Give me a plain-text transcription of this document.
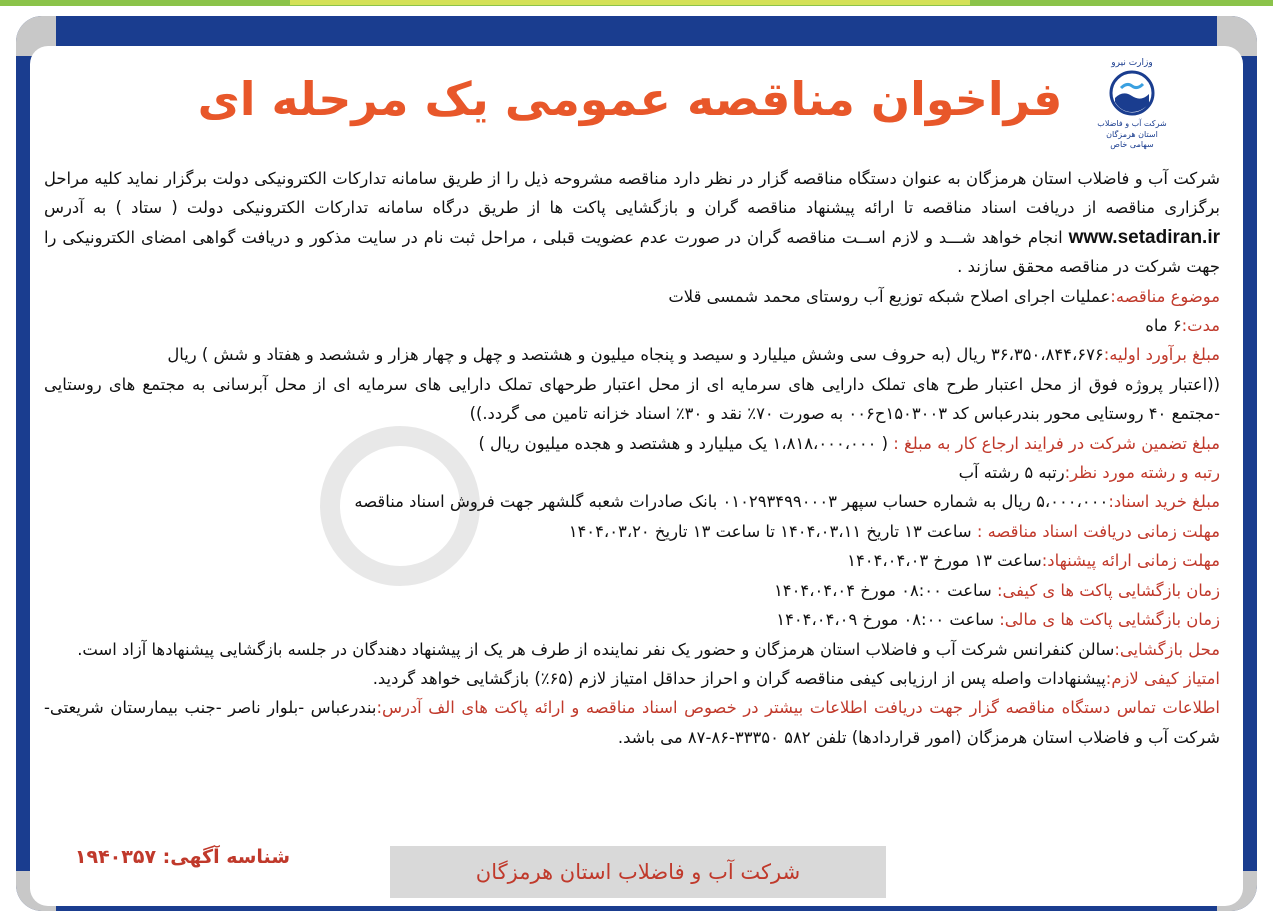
وزارت نیرو
شرکت آب و فاضلاب استان هرمزگان
سهامی خاص
فراخوان مناقصه عمومی یک مرحله ای

شرکت آب و فاضلاب استان هرمزگان به عنوان دستگاه مناقصه گزار در نظر دارد مناقصه مشروحه ذیل را از طریق سامانه تدارکات الکترونیکی دولت برگزار نماید کلیه مراحل برگزاری مناقصه از دریافت اسناد مناقصه تا ارائه پیشنهاد مناقصه گران و بازگشایی پاکت ها از طریق درگاه سامانه تدارکات الکترونیکی دولت ( ستاد ) به آدرس www.setadiran.ir انجام خواهد شـــد و لازم اســت مناقصه گران در صورت عدم عضویت قبلی ، مراحل ثبت نام در سایت مذکور و دریافت گواهی امضای الکترونیکی را جهت شرکت در مناقصه محقق سازند .

موضوع مناقصه:عملیات اجرای اصلاح شبکه توزیع آب روستای محمد شمسی قلات

مدت:۶ ماه

مبلغ برآورد اولیه:۳۶،۳۵۰،۸۴۴،۶۷۶ ریال (به حروف سی وشش میلیارد و سیصد و پنجاه میلیون و هشتصد و چهل و چهار هزار و ششصد و هفتاد و شش ) ریال

((اعتبار پروژه فوق از محل اعتبار طرح های تملک دارایی های سرمایه ای از محل اعتبار طرحهای تملک دارایی های سرمایه ای از محل آبرسانی به مجتمع های روستایی -مجتمع ۴۰ روستایی محور بندرعباس کد ۱۵۰۳۰۰۳ح۰۰۶ به صورت ۷۰٪ نقد و ۳۰٪ اسناد خزانه تامین می گردد.))

مبلغ تضمین شرکت در فرایند ارجاع کار به مبلغ : ( ۱،۸۱۸،۰۰۰،۰۰۰ یک میلیارد و هشتصد و هجده میلیون ریال )

رتبه و رشته مورد نظر:رتبه ۵ رشته آب

مبلغ خرید اسناد:۵،۰۰۰،۰۰۰ ریال به شماره حساب سپهر ۰۱۰۲۹۳۴۹۹۰۰۰۳ بانک صادرات شعبه گلشهر جهت فروش اسناد مناقصه

مهلت زمانی دریافت اسناد مناقصه : ساعت ۱۳ تاریخ ۱۴۰۴،۰۳،۱۱ تا ساعت ۱۳ تاریخ ۱۴۰۴،۰۳،۲۰

مهلت زمانی ارائه پیشنهاد:ساعت ۱۳ مورخ ۱۴۰۴،۰۴،۰۳

زمان بازگشایی پاکت ها ی کیفی: ساعت ۰۸:۰۰ مورخ ۱۴۰۴،۰۴،۰۴

زمان بازگشایی پاکت ها ی مالی: ساعت ۰۸:۰۰ مورخ ۱۴۰۴،۰۴،۰۹

محل بازگشایی:سالن کنفرانس شرکت آب و فاضلاب استان هرمزگان و حضور یک نفر نماینده از طرف هر یک از پیشنهاد دهندگان در جلسه بازگشایی پیشنهادها آزاد است.

امتیاز کیفی لازم:پیشنهادات واصله پس از ارزیابی کیفی مناقصه گران و احراز حداقل امتیاز لازم (۶۵٪) بازگشایی خواهد گردید.

اطلاعات تماس دستگاه مناقصه گزار جهت دریافت اطلاعات بیشتر در خصوص اسناد مناقصه و ارائه پاکت های الف آدرس:بندرعباس -بلوار ناصر -جنب بیمارستان شریعتی- شرکت آب و فاضلاب استان هرمزگان (امور قراردادها) تلفن ۵۸۲ ۳۳۳۵۰-۸۶-۸۷ می باشد.

شرکت آب و فاضلاب استان هرمزگان
شناسه آگهی: ۱۹۴۰۳۵۷
